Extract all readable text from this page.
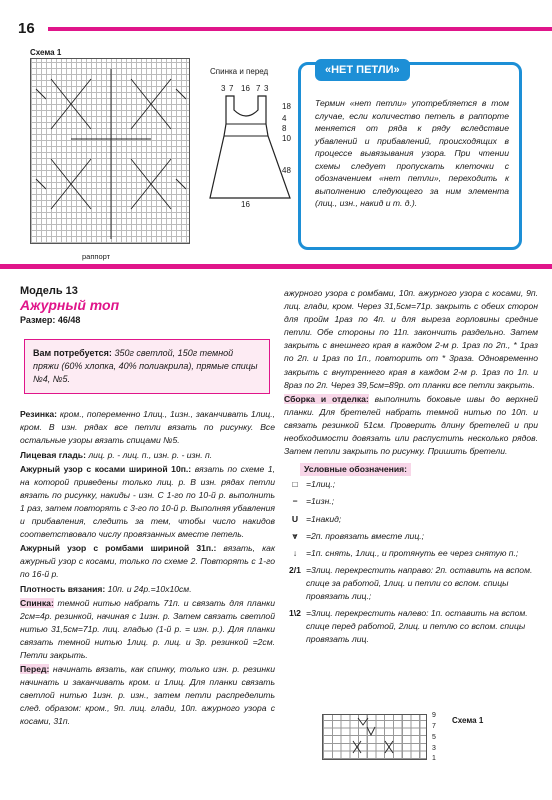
16
Схема 1
раппорт
Спинка и перед
3 7 16 7 3
18
4
8
10
48
16
«НЕТ ПЕТЛИ»
Термин «нет петли» употребляется в том случае, если количество петель в раппорте меняется от ряда к ряду вследствие убавлений и прибавлений, происходящих в процессе вывязывания узора. При чтении схемы следует пропускать клеточки с обозначением «нет петли», переходить к выполнению следующего за ним элемента (лиц., изн., накид и т. д.).
Модель 13
Ажурный топ
Размер: 46/48
Вам потребуется: 350г светлой, 150г темной пряжи (60% хлопка, 40% полиакрила), прямые спицы №4, №5.
Резинка: кром., попеременно 1лиц., 1изн., заканчивать 1лиц., кром. В изн. рядах все петли вязать по рисунку. Все остальные узоры вязать спицами №5.
Лицевая гладь: лиц. р. - лиц. п., изн. р. - изн. п.
Ажурный узор с косами шириной 10п.: вязать по схеме 1, на которой приведены только лиц. р. В изн. рядах петли вязать по рисунку, накиды - изн. С 1-го по 10-й р. выполнить 1 раз, затем повторять с 3-го по 10-й р. Выполняя убавления и прибавления, следить за тем, чтобы число накидов соответствовало числу провязанных вместе петель.
Ажурный узор с ромбами шириной 31п.: вязать, как ажурный узор с косами, только по схеме 2. Повторять с 1-го по 16-й р.
Плотность вязания: 10п. и 24р.=10х10см.
Спинка: темной нитью набрать 71п. и связать для планки 2см=4р. резинкой, начиная с 1изн. р. Затем связать светлой нитью 31,5см=71р. лиц. гладью (1-й р. = изн. р.). Для планки связать темной нитью 1лиц. р. лиц. и 3р. резинкой =2см. Петли закрыть.
Перед: начинать вязать, как спинку, только изн. р. резинки начинать и заканчивать кром. и 1лиц. Для планки связать светлой нитью 1изн. р. изн., затем петли распределить след. образом: кром., 9п. лиц. глади, 10п. ажурного узора с косами, 31п.
ажурного узора с ромбами, 10п. ажурного узора с косами, 9п. лиц. глади, кром. Через 31,5см=71р. закрыть с обеих сторон для пройм 1раз по 4п. и для выреза горловины средние петли. Обе стороны по 11п. закончить раздельно. Затем закрыть с внешнего края в каждом 2-м р. 1раз по 2п., * 1раз по 2п. и 1раз по 1п., повторить от * 3раза. Одновременно закрыть с внутреннего края в каждом 2-м р. 1раз по 1п. и 8раз по 2п. Через 39,5см=89р. от планки все петли закрыть.
Сборка и отделка: выполнить боковые швы до верхней планки. Для бретелей набрать темной нитью по 10п. и связать резинкой 51см. Проверить длину бретелей и при необходимости довязать или распустить несколько рядов. Затем петли закрыть по рисунку. Пришить бретели.
Условные обозначения:
□ =1лиц.;
− =1изн.;
U =1накид;
⩔ =2п. провязать вместе лиц.;
↓	=1п. снять, 1лиц., и протянуть ее через снятую п.;
2/1 =3лиц. перекрестить направо: 2п. оставить на вспом. спице за работой, 1лиц. и петли со вспом. спицы провязать лиц.;
1\2 =3лиц. перекрестить налево: 1п. оставить на вспом. спице перед работой, 2лиц. и петлю со вспом. спицы провязать лиц.
9
7
5
3
1
Схема 1
